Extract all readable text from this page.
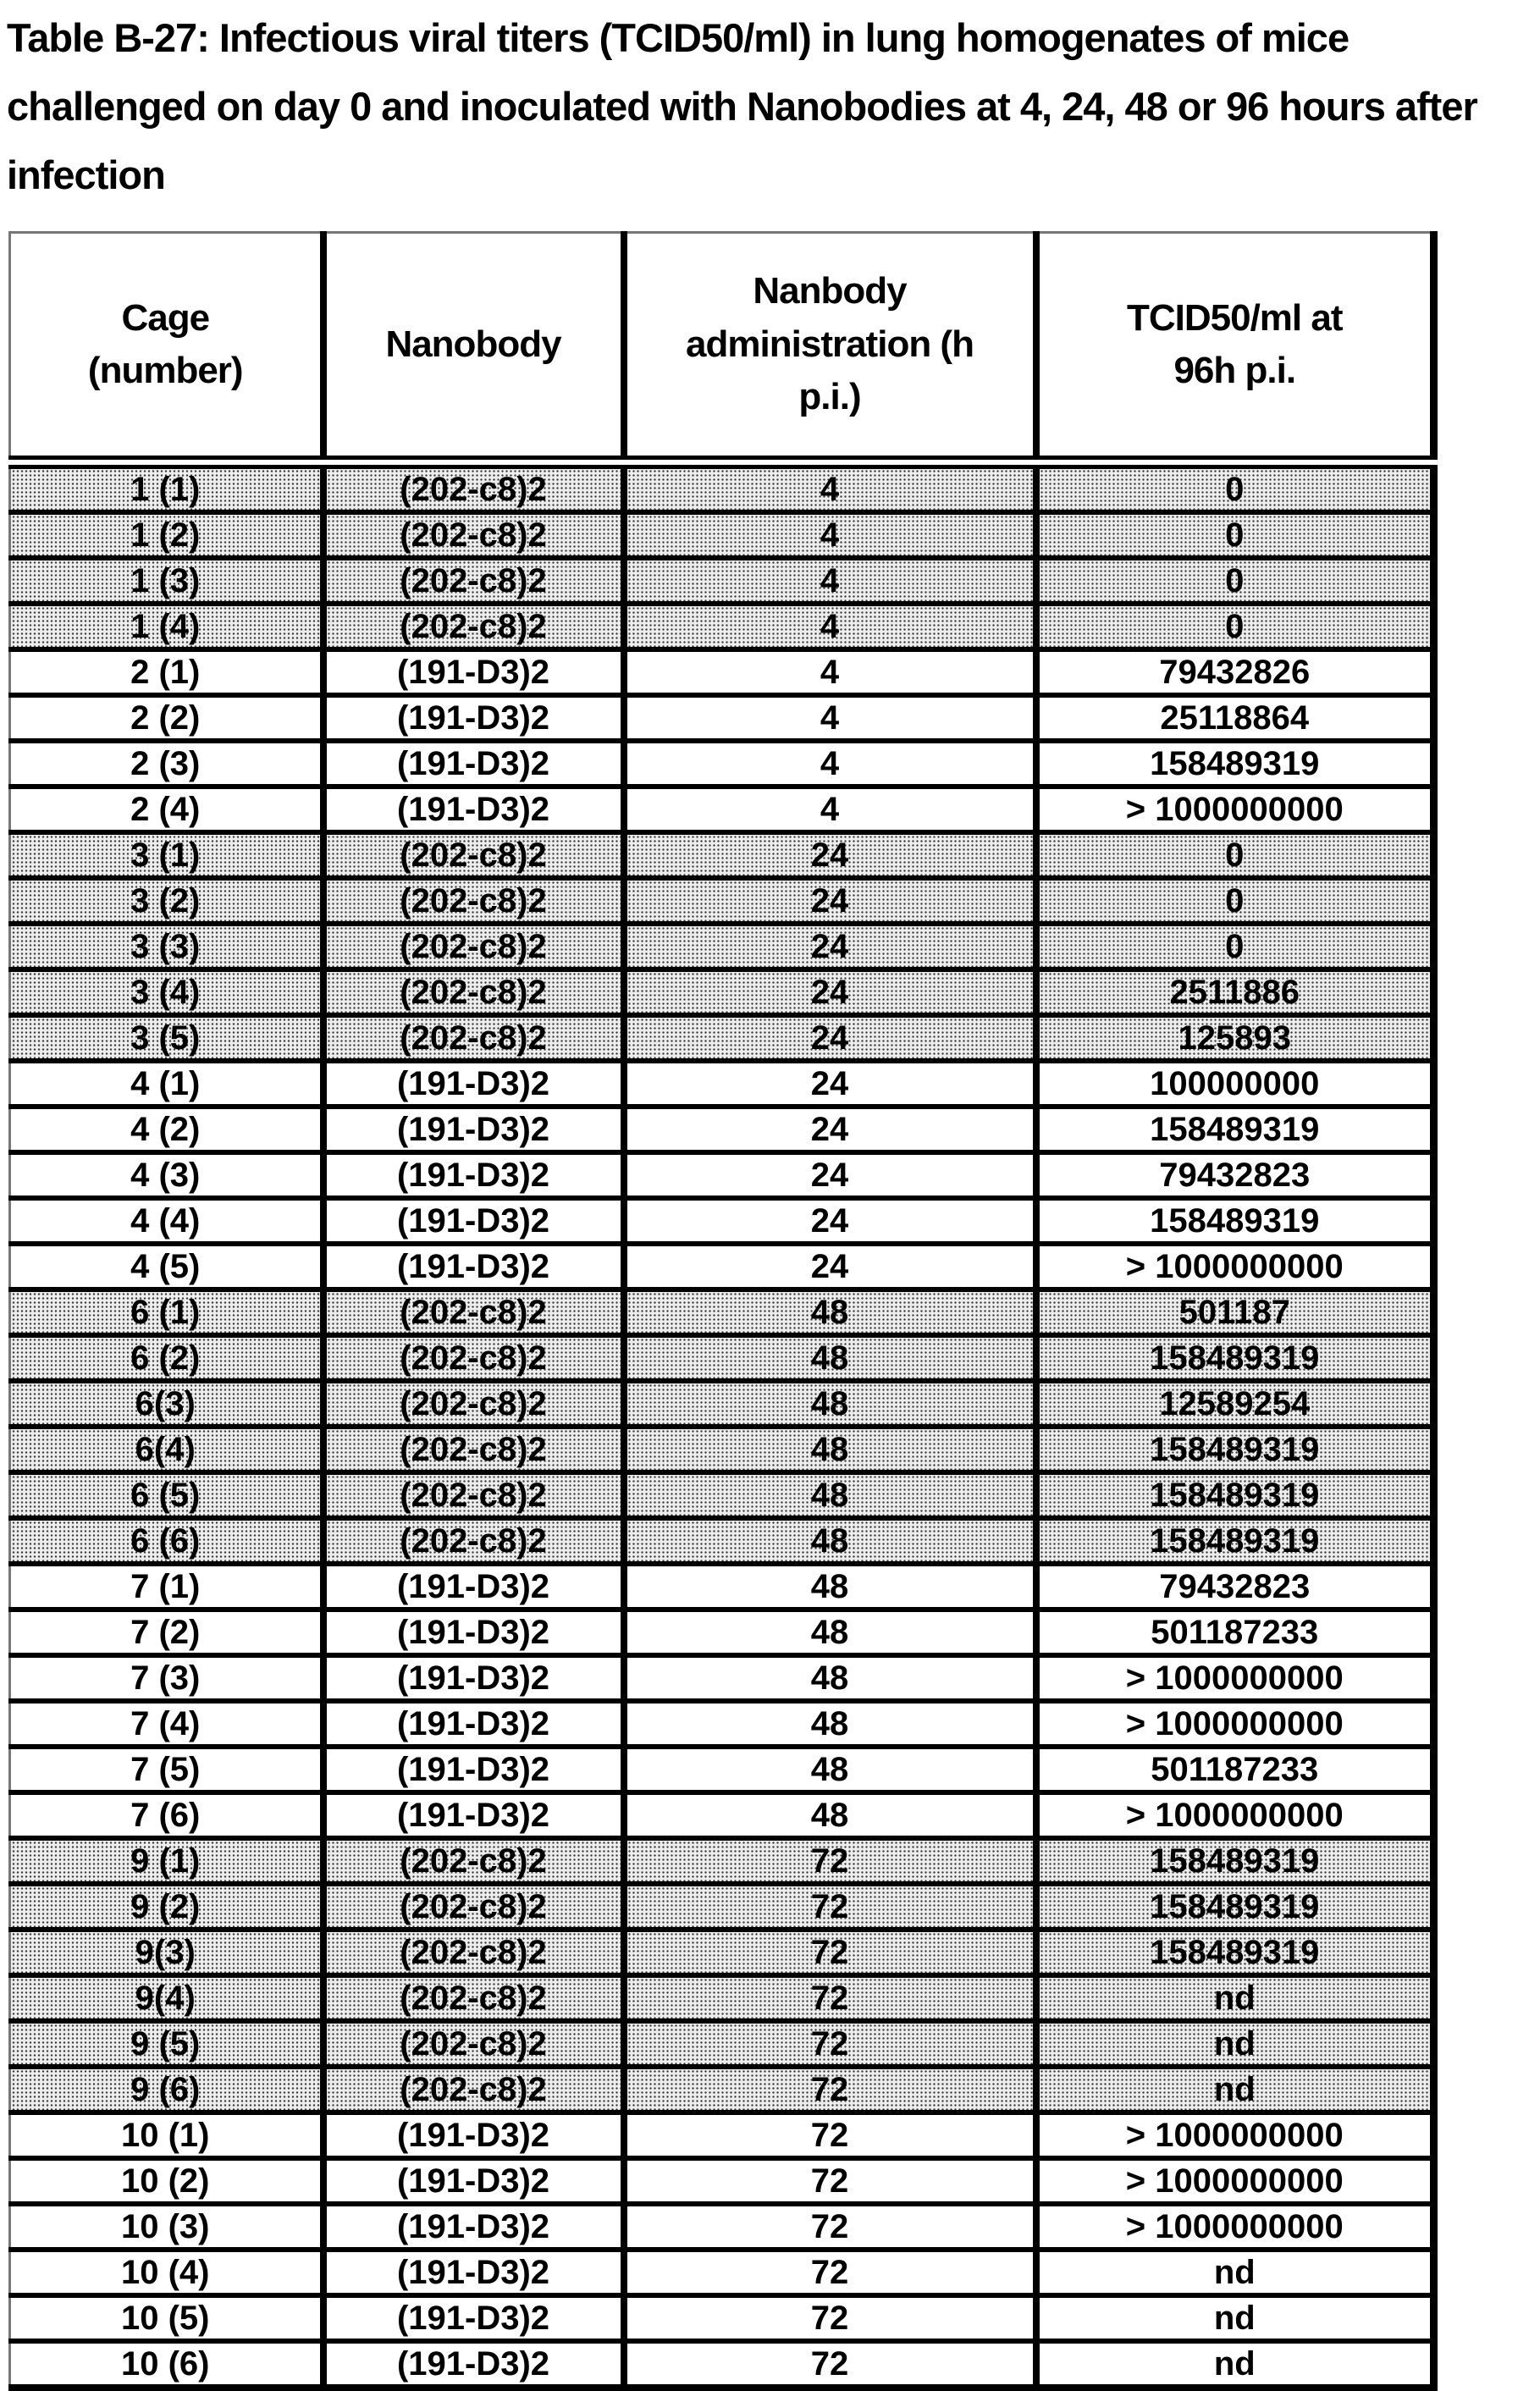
Table B-27: Infectious viral titers (TCID50/ml) in lung homogenates of mice challenged on day 0 and inoculated with Nanobodies at 4, 24, 48 or 96 hours after infection
Cage (number)	Nanobody	Nanbody administration (h p.i.)	TCID50/ml at 96h p.i.
1 (1)	(202-c8)2	4	0
1 (2)	(202-c8)2	4	0
1 (3)	(202-c8)2	4	0
1 (4)	(202-c8)2	4	0
2 (1)	(191-D3)2	4	79432826
2 (2)	(191-D3)2	4	25118864
2 (3)	(191-D3)2	4	158489319
2 (4)	(191-D3)2	4	> 1000000000
3 (1)	(202-c8)2	24	0
3 (2)	(202-c8)2	24	0
3 (3)	(202-c8)2	24	0
3 (4)	(202-c8)2	24	2511886
3 (5)	(202-c8)2	24	125893
4 (1)	(191-D3)2	24	100000000
4 (2)	(191-D3)2	24	158489319
4 (3)	(191-D3)2	24	79432823
4 (4)	(191-D3)2	24	158489319
4 (5)	(191-D3)2	24	> 1000000000
6 (1)	(202-c8)2	48	501187
6 (2)	(202-c8)2	48	158489319
6(3)	(202-c8)2	48	12589254
6(4)	(202-c8)2	48	158489319
6 (5)	(202-c8)2	48	158489319
6 (6)	(202-c8)2	48	158489319
7 (1)	(191-D3)2	48	79432823
7 (2)	(191-D3)2	48	501187233
7 (3)	(191-D3)2	48	> 1000000000
7 (4)	(191-D3)2	48	> 1000000000
7 (5)	(191-D3)2	48	501187233
7 (6)	(191-D3)2	48	> 1000000000
9 (1)	(202-c8)2	72	158489319
9 (2)	(202-c8)2	72	158489319
9(3)	(202-c8)2	72	158489319
9(4)	(202-c8)2	72	nd
9 (5)	(202-c8)2	72	nd
9 (6)	(202-c8)2	72	nd
10 (1)	(191-D3)2	72	> 1000000000
10 (2)	(191-D3)2	72	> 1000000000
10 (3)	(191-D3)2	72	> 1000000000
10 (4)	(191-D3)2	72	nd
10 (5)	(191-D3)2	72	nd
10 (6)	(191-D3)2	72	nd
